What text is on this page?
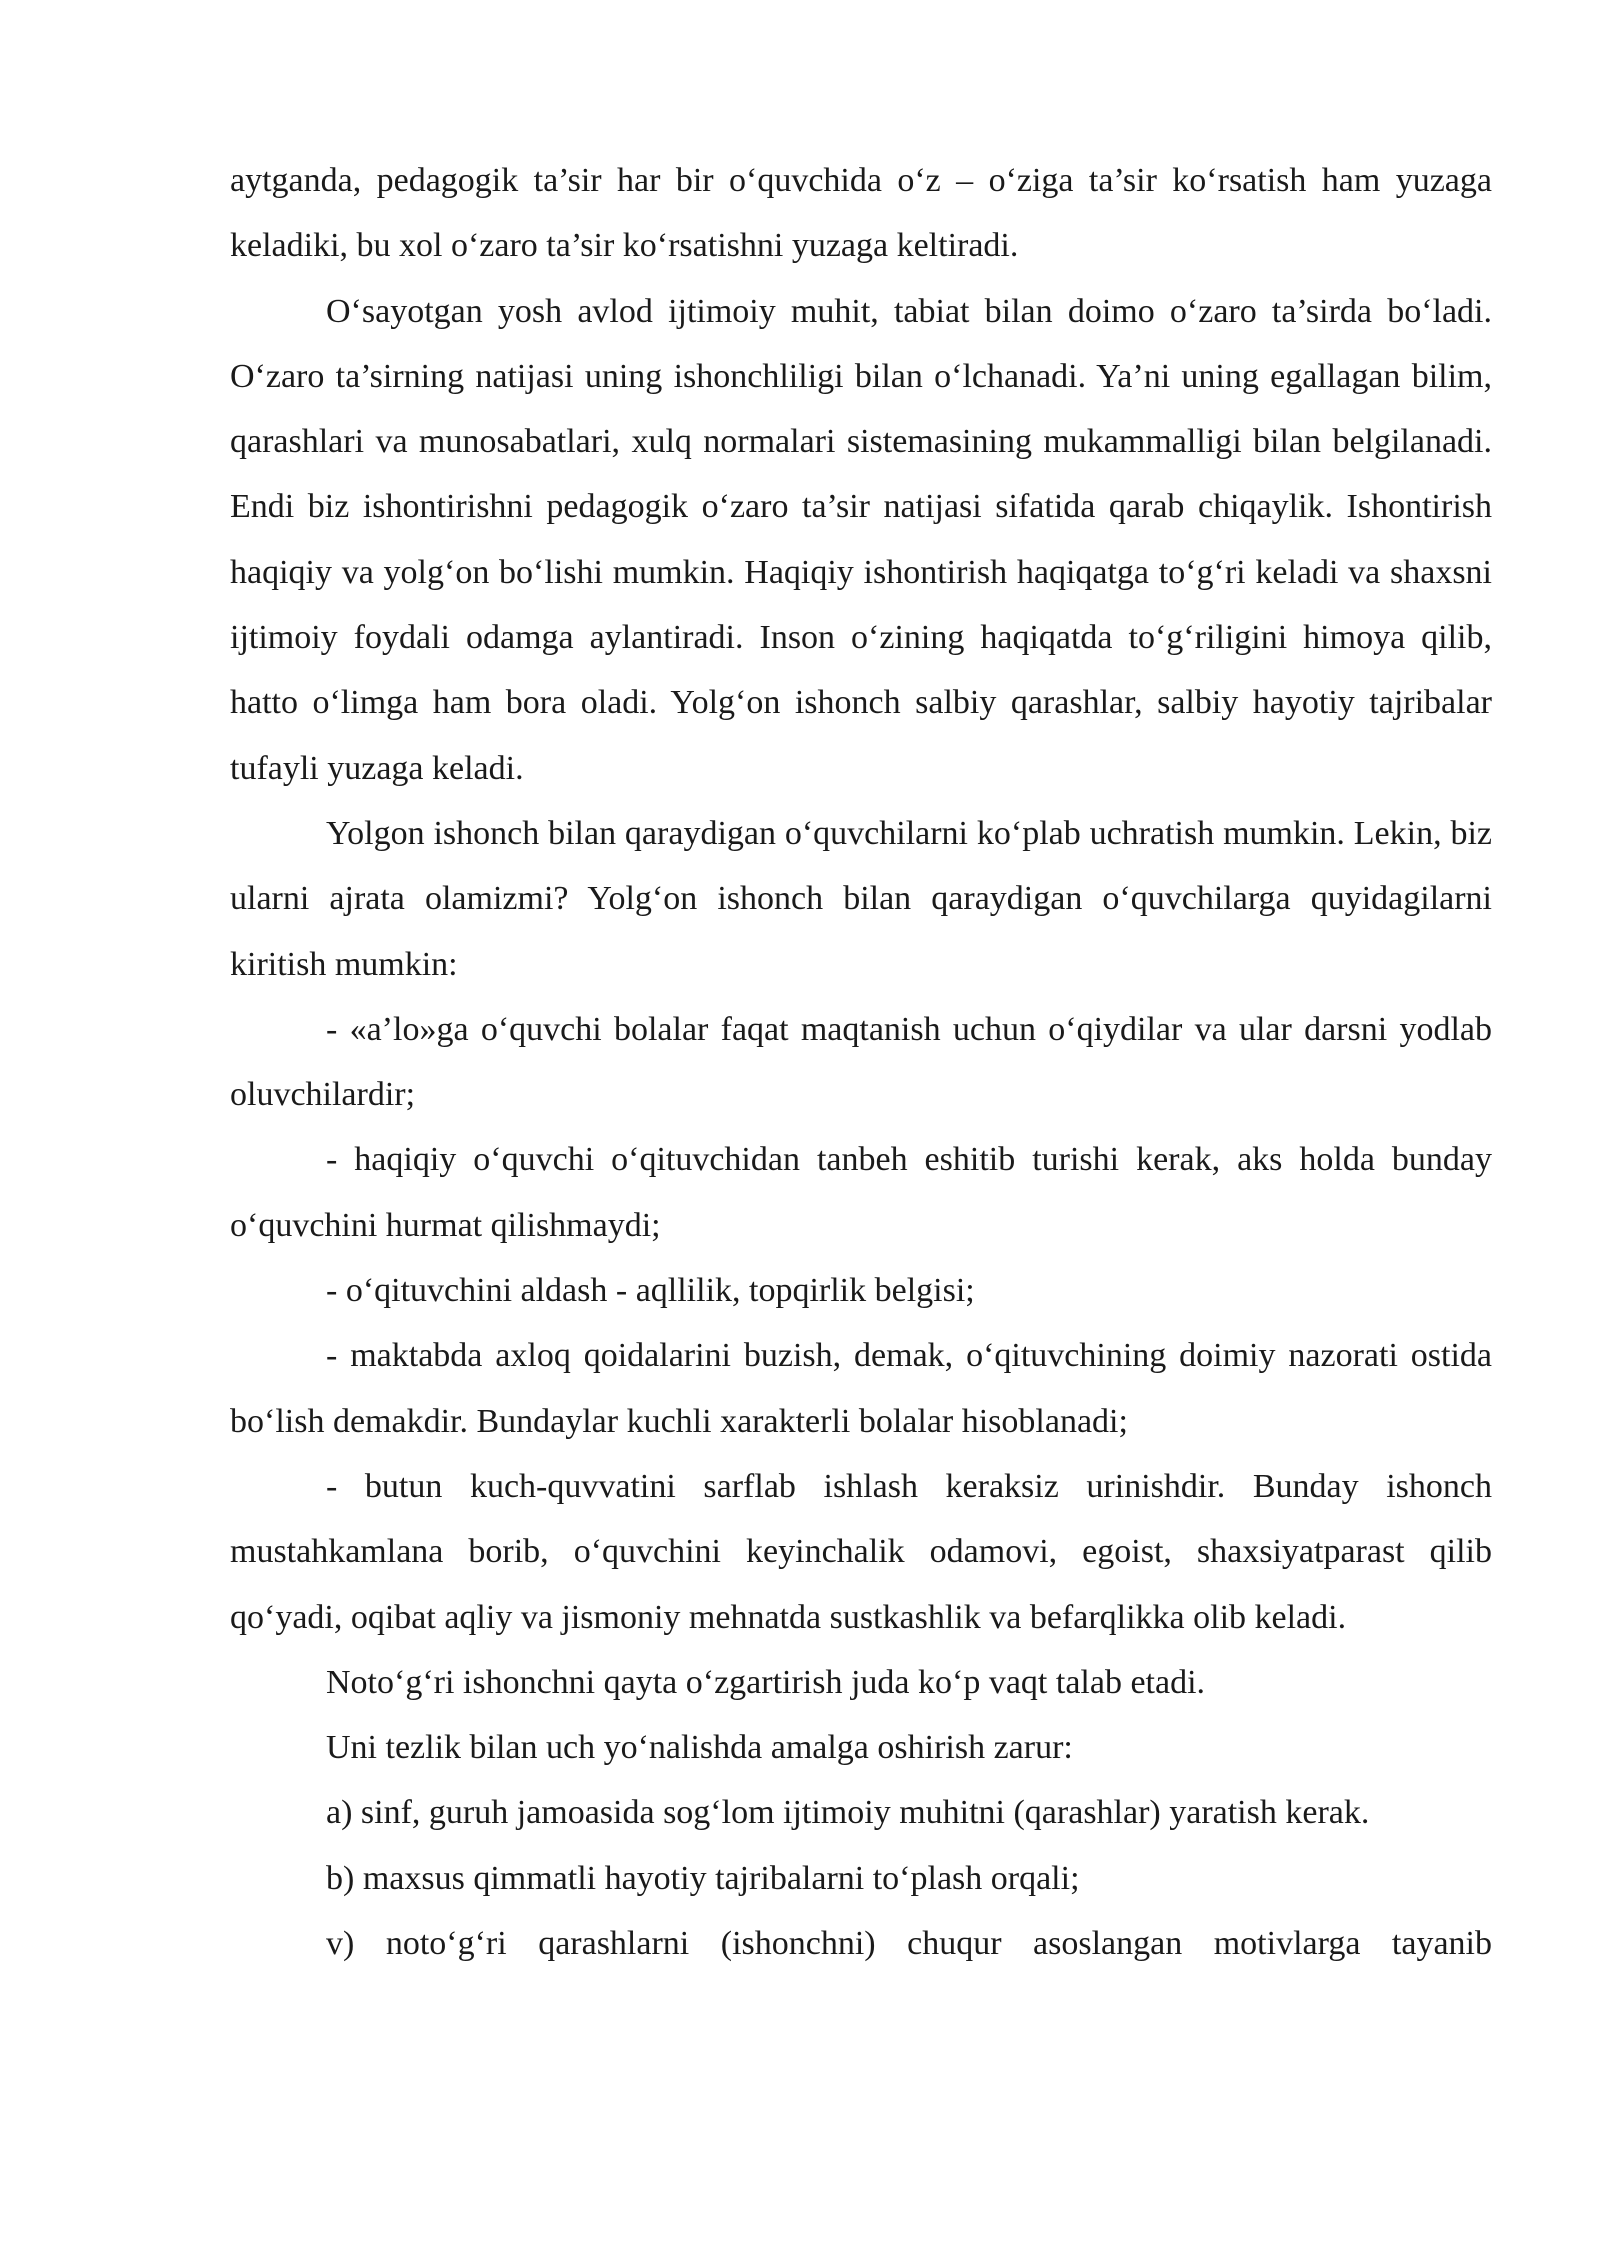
aytganda, pedagogik ta’sir har bir o‘quvchida o‘z – o‘ziga ta’sir ko‘rsatish ham yuzaga keladiki, bu xol o‘zaro ta’sir ko‘rsatishni yuzaga keltiradi.

O‘sayotgan yosh avlod ijtimoiy muhit, tabiat bilan doimo o‘zaro ta’sirda bo‘ladi. O‘zaro ta’sirning natijasi uning ishonchliligi bilan o‘lchanadi. Ya’ni uning egallagan bilim, qarashlari va munosabatlari, xulq normalari sistemasining mukammalligi bilan belgilanadi. Endi biz ishontirishni pedagogik o‘zaro ta’sir natijasi sifatida qarab chiqaylik. Ishontirish haqiqiy va yolg‘on bo‘lishi mumkin. Haqiqiy ishontirish haqiqatga to‘g‘ri keladi va shaxsni ijtimoiy foydali odamga aylantiradi. Inson o‘zining haqiqatda to‘g‘riligini himoya qilib, hatto o‘limga ham bora oladi. Yolg‘on ishonch salbiy qarashlar, salbiy hayotiy tajribalar tufayli yuzaga keladi.

Yolgon ishonch bilan qaraydigan o‘quvchilarni ko‘plab uchratish mumkin. Lekin, biz ularni ajrata olamizmi? Yolg‘on ishonch bilan qaraydigan o‘quvchilarga quyidagilarni kiritish mumkin:

- «a’lo»ga o‘quvchi bolalar faqat maqtanish uchun o‘qiydilar va ular darsni yodlab oluvchilardir;

- haqiqiy o‘quvchi o‘qituvchidan tanbeh eshitib turishi kerak, aks holda bunday o‘quvchini hurmat qilishmaydi;

- o‘qituvchini aldash - aqllilik, topqirlik belgisi;

- maktabda axloq qoidalarini buzish, demak, o‘qituvchining doimiy nazorati ostida bo‘lish demakdir. Bundaylar kuchli xarakterli bolalar hisoblanadi;

- butun kuch-quvvatini sarflab ishlash keraksiz urinishdir. Bunday ishonch mustahkamlana borib, o‘quvchini keyinchalik odamovi, egoist, shaxsiyatparast qilib qo‘yadi, oqibat aqliy va jismoniy mehnatda sustkashlik va befarqlikka olib keladi.

Noto‘g‘ri ishonchni qayta o‘zgartirish juda ko‘p vaqt talab etadi.

Uni tezlik bilan uch yo‘nalishda amalga oshirish zarur:

a) sinf, guruh jamoasida sog‘lom ijtimoiy muhitni (qarashlar) yaratish kerak.

b) maxsus qimmatli hayotiy tajribalarni to‘plash orqali;

v) noto‘g‘ri qarashlarni (ishonchni) chuqur asoslangan motivlarga tayanib
